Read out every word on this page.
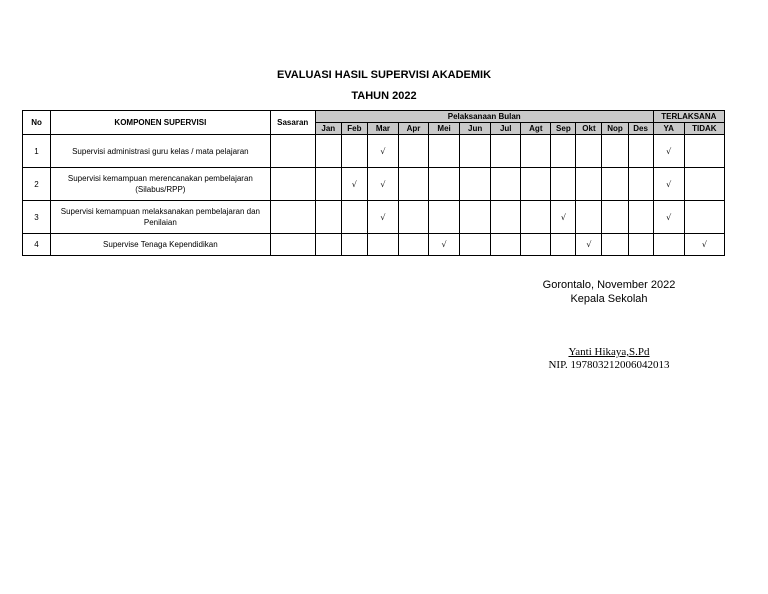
EVALUASI HASIL SUPERVISI AKADEMIK
TAHUN 2022
No	KOMPONEN SUPERVISI	Sasaran	Pelaksanaan Bulan												TERLAKSANA	
			Jan	Feb	Mar	Apr	Mei	Jun	Jul	Agt	Sep	Okt	Nop	Des	YA	TIDAK
1	Supervisi administrasi guru kelas / mata pelajaran				√										√	
2	Supervisi kemampuan merencanakan pembelajaran (Silabus/RPP)			√	√										√	
3	Supervisi kemampuan melaksanakan pembelajaran dan Penilaian				√						√				√	
4	Supervise Tenaga Kependidikan						√					√				√
Gorontalo, November 2022
Kepala Sekolah
Yanti Hikaya,S.Pd
NIP. 197803212006042013
